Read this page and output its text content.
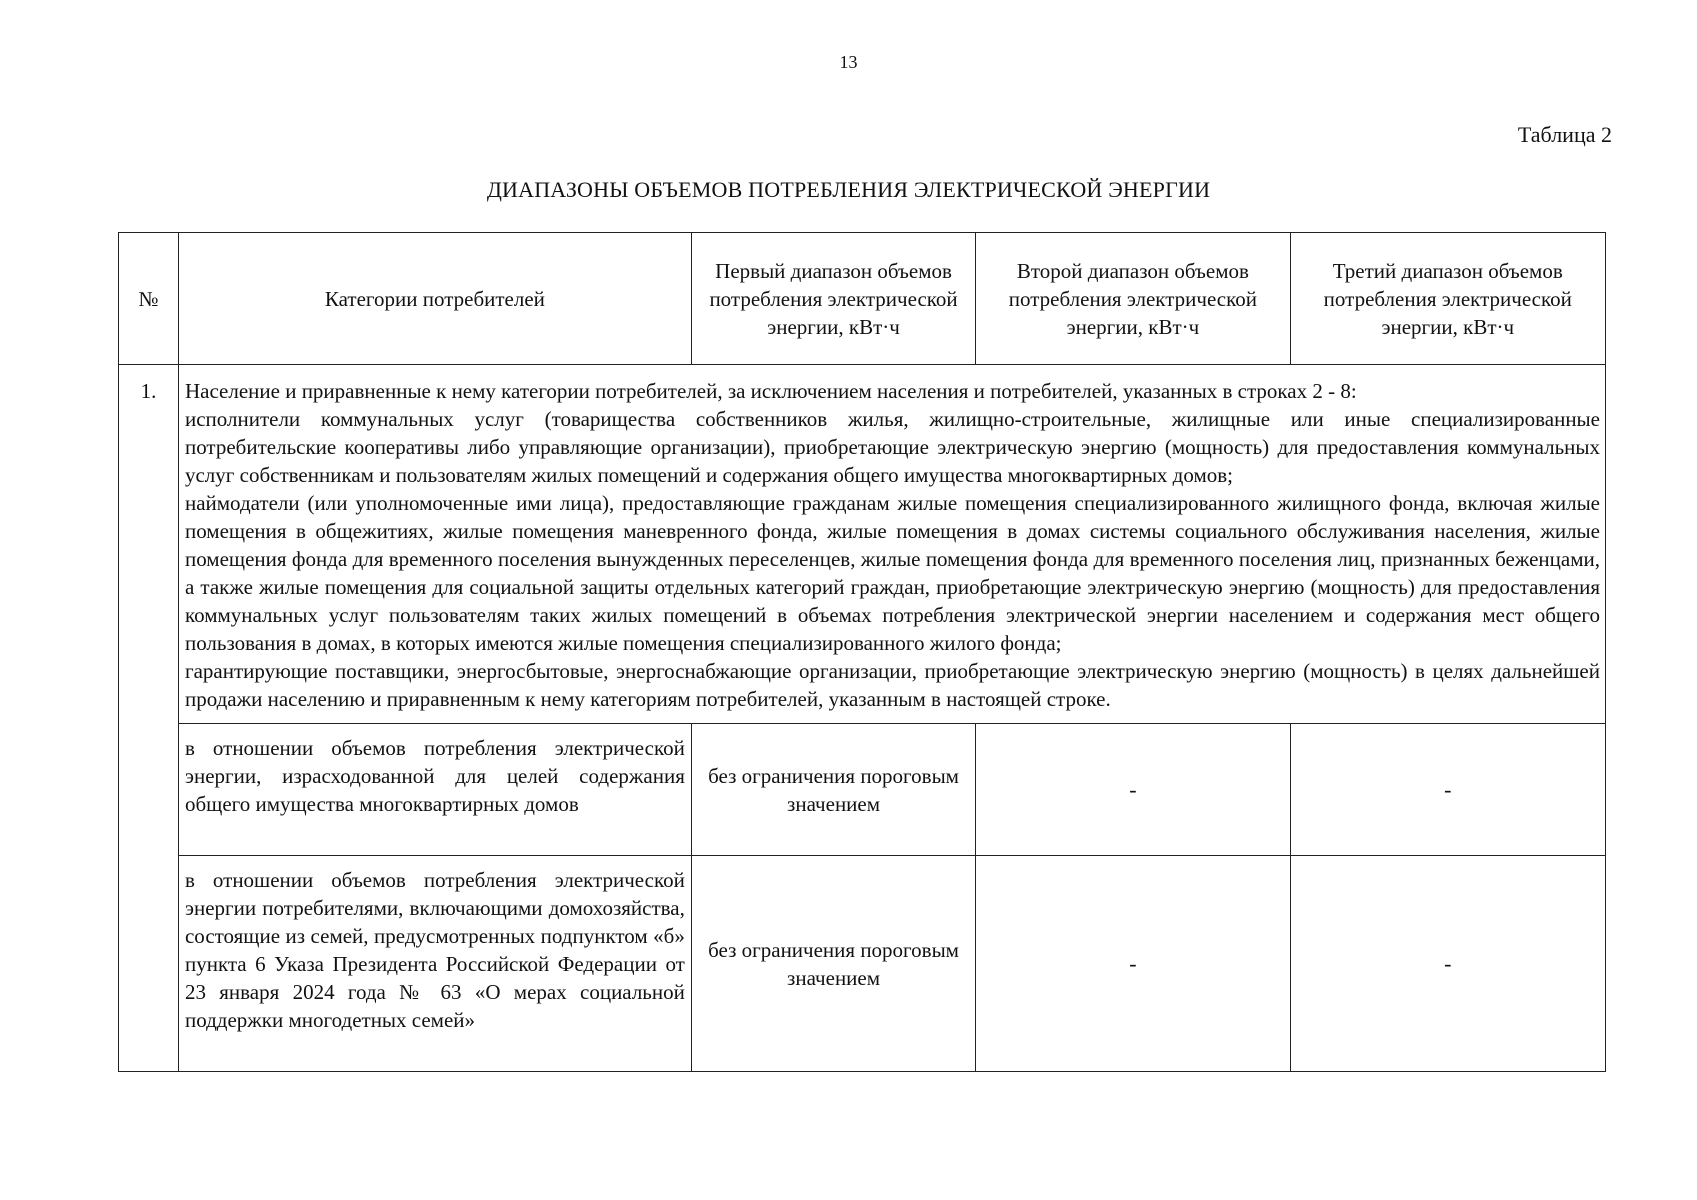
13
Таблица 2
ДИАПАЗОНЫ ОБЪЕМОВ ПОТРЕБЛЕНИЯ ЭЛЕКТРИЧЕСКОЙ ЭНЕРГИИ
№	Категории потребителей	Первый диапазон объемов потребления электрической энергии, кВт·ч	Второй диапазон объемов потребления электрической энергии, кВт·ч	Третий диапазон объемов потребления электрической энергии, кВт·ч
1.	Население и приравненные к нему категории потребителей, за исключением населения и потребителей, указанных в строках 2 - 8:

исполнители коммунальных услуг (товарищества собственников жилья, жилищно-строительные, жилищные или иные специализированные потребительские кооперативы либо управляющие организации), приобретающие электрическую энергию (мощность) для предоставления коммунальных услуг собственникам и пользователям жилых помещений и содержания общего имущества многоквартирных домов;

наймодатели (или уполномоченные ими лица), предоставляющие гражданам жилые помещения специализированного жилищного фонда, включая жилые помещения в общежитиях, жилые помещения маневренного фонда, жилые помещения в домах системы социального обслуживания населения, жилые помещения фонда для временного поселения вынужденных переселенцев, жилые помещения фонда для временного поселения лиц, признанных беженцами, а также жилые помещения для социальной защиты отдельных категорий граждан, приобретающие электрическую энергию (мощность) для предоставления коммунальных услуг пользователям таких жилых помещений в объемах потребления электрической энергии населением и содержания мест общего пользования в домах, в которых имеются жилые помещения специализированного жилого фонда;

гарантирующие поставщики, энергосбытовые, энергоснабжающие организации, приобретающие электрическую энергию (мощность) в целях дальнейшей продажи населению и приравненным к нему категориям потребителей, указанным в настоящей строке.			

	в отношении объемов потребления электрической энергии, израсходованной для целей содержания общего имущества многоквартирных домов	без ограничения пороговым значением	-	-
	в отношении объемов потребления электрической энергии потребителями, включающими домохозяйства, состоящие из семей, предусмотренных подпунктом «б» пункта 6 Указа Президента Российской Федерации от 23 января 2024 года № 63 «О мерах социальной поддержки многодетных семей»	без ограничения пороговым значением	-	-
